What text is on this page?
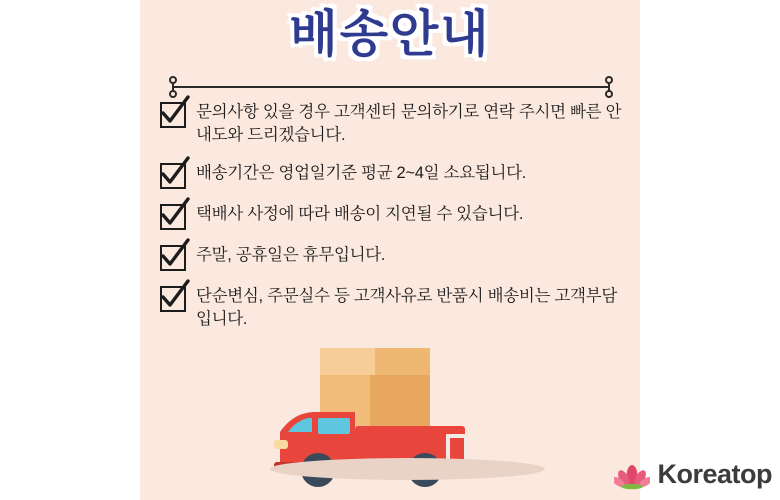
배송안내
문의사항 있을 경우 고객센터 문의하기로 연락 주시면 빠른 안내도와 드리겠습니다.
배송기간은 영업일기준 평균 2~4일 소요됩니다.
택배사 사정에 따라 배송이 지연될 수 있습니다.
주말, 공휴일은 휴무입니다.
단순변심, 주문실수 등 고객사유로 반품시 배송비는 고객부담입니다.
Koreatop
